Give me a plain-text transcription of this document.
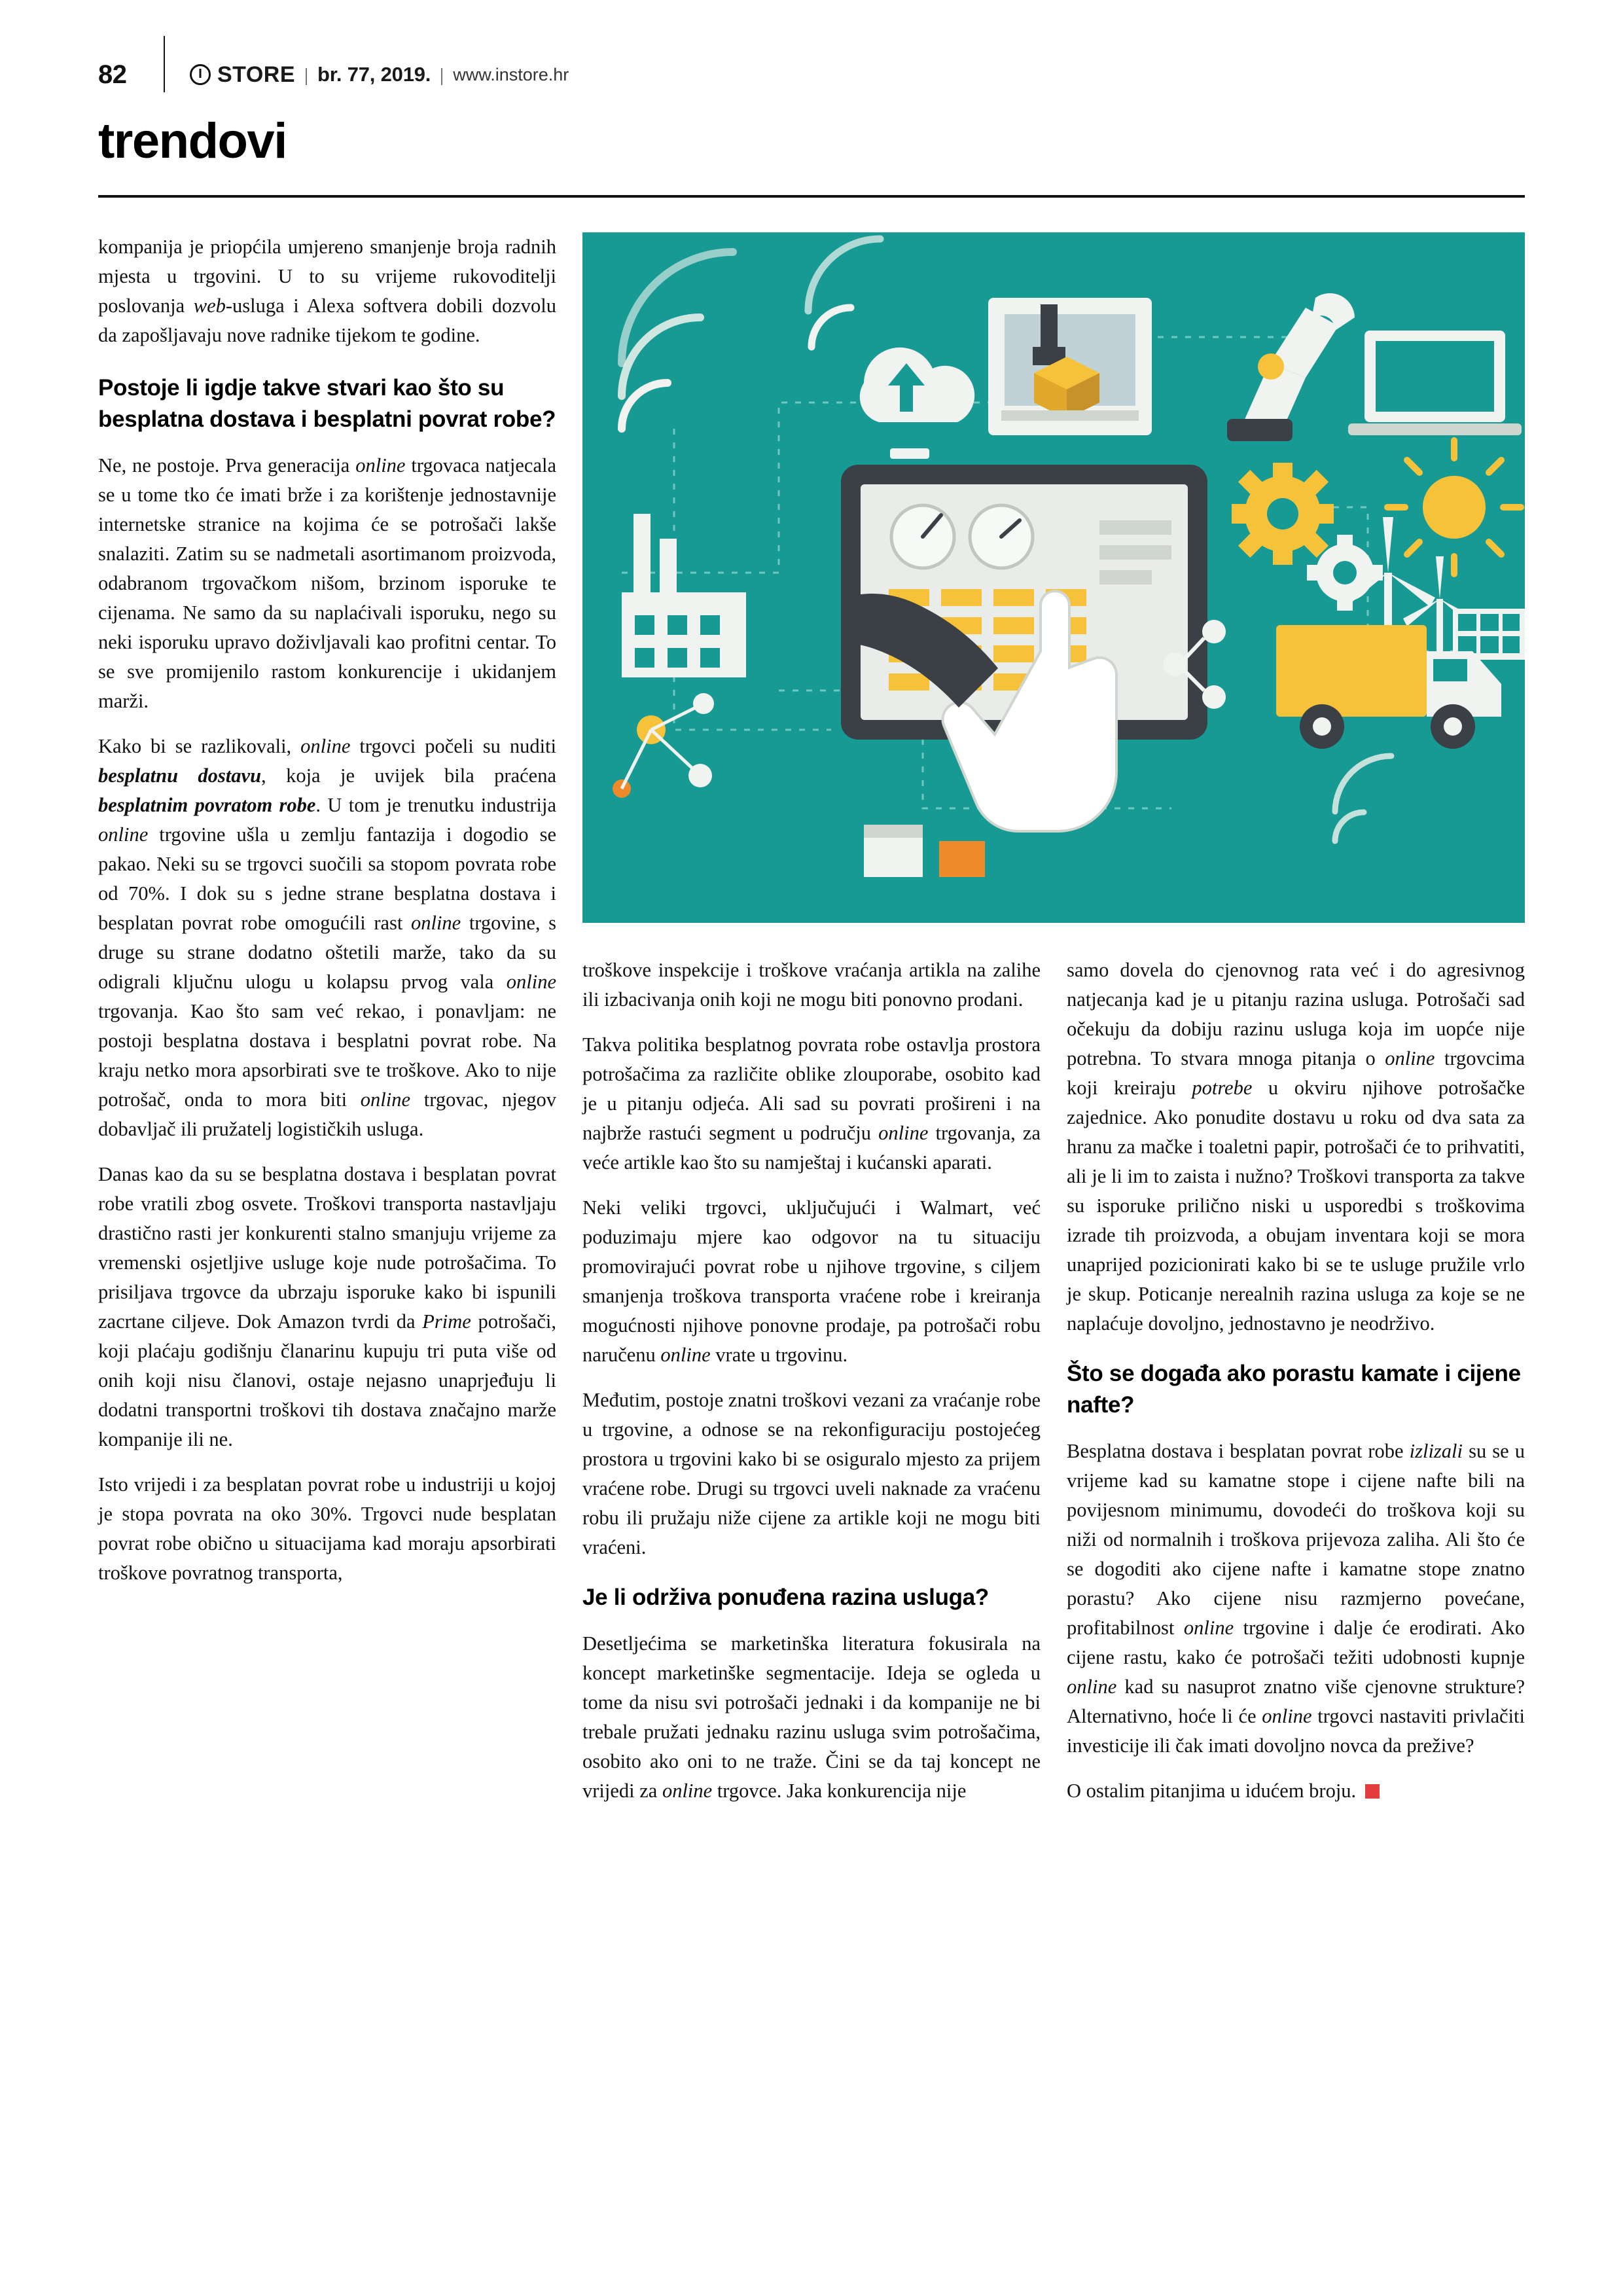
82	STORE br. 77, 2019. www.instore.hr
trendovi

kompanija je priopćila umjereno smanjenje broja radnih mjesta u trgovini. U to su vrijeme rukovoditelji poslovanja web-usluga i Alexa softvera dobili dozvolu da zapošljavaju nove radnike tijekom te godine.

Postoje li igdje takve stvari kao što su besplatna dostava i besplatni povrat robe?

Ne, ne postoje. Prva generacija online trgovaca natjecala se u tome tko će imati brže i za korištenje jednostavnije internetske stranice na kojima će se potrošači lakše snalaziti. Zatim su se nadmetali asortimanom proizvoda, odabranom trgovačkom nišom, brzinom isporuke te cijenama. Ne samo da su naplaćivali isporuku, nego su neki isporuku upravo doživljavali kao profitni centar. To se sve promijenilo rastom konkurencije i ukidanjem marži.

Kako bi se razlikovali, online trgovci počeli su nuditi besplatnu dostavu, koja je uvijek bila praćena besplatnim povratom robe. U tom je trenutku industrija online trgovine ušla u zemlju fantazija i dogodio se pakao. Neki su se trgovci suočili sa stopom povrata robe od 70%. I dok su s jedne strane besplatna dostava i besplatan povrat robe omogućili rast online trgovine, s druge su strane dodatno oštetili marže, tako da su odigrali ključnu ulogu u kolapsu prvog vala online trgovanja. Kao što sam već rekao, i ponavljam: ne postoji besplatna dostava i besplatni povrat robe. Na kraju netko mora apsorbirati sve te troškove. Ako to nije potrošač, onda to mora biti online trgovac, njegov dobavljač ili pružatelj logističkih usluga.

Danas kao da su se besplatna dostava i besplatan povrat robe vratili zbog osvete. Troškovi transporta nastavljaju drastično rasti jer konkurenti stalno smanjuju vrijeme za vremenski osjetljive usluge koje nude potrošačima. To prisiljava trgovce da ubrzaju isporuke kako bi ispunili zacrtane ciljeve. Dok Amazon tvrdi da Prime potrošači, koji plaćaju godišnju članarinu kupuju tri puta više od onih koji nisu članovi, ostaje nejasno unaprjeđuju li dodatni transportni troškovi tih dostava značajno marže kompanije ili ne.

Isto vrijedi i za besplatan povrat robe u industriji u kojoj je stopa povrata na oko 30%. Trgovci nude besplatan povrat robe obično u situacijama kad moraju apsorbirati troškove povratnog transporta,

troškove inspekcije i troškove vraćanja artikla na zalihe ili izbacivanja onih koji ne mogu biti ponovno prodani.

Takva politika besplatnog povrata robe ostavlja prostora potrošačima za različite oblike zlouporabe, osobito kad je u pitanju odjeća. Ali sad su povrati prošireni i na najbrže rastući segment u području online trgovanja, za veće artikle kao što su namještaj i kućanski aparati.

Neki veliki trgovci, uključujući i Walmart, već poduzimaju mjere kao odgovor na tu situaciju promovirajući povrat robe u njihove trgovine, s ciljem smanjenja troškova transporta vraćene robe i kreiranja mogućnosti njihove ponovne prodaje, pa potrošači robu naručenu online vrate u trgovinu.

Međutim, postoje znatni troškovi vezani za vraćanje robe u trgovine, a odnose se na rekonfiguraciju postojećeg prostora u trgovini kako bi se osiguralo mjesto za prijem vraćene robe. Drugi su trgovci uveli naknade za vraćenu robu ili pružaju niže cijene za artikle koji ne mogu biti vraćeni.

Je li održiva ponuđena razina usluga?

Desetljećima se marketinška literatura fokusirala na koncept marketinške segmentacije. Ideja se ogleda u tome da nisu svi potrošači jednaki i da kompanije ne bi trebale pružati jednaku razinu usluga svim potrošačima, osobito ako oni to ne traže. Čini se da taj koncept ne vrijedi za online trgovce. Jaka konkurencija nije

samo dovela do cjenovnog rata već i do agresivnog natjecanja kad je u pitanju razina usluga. Potrošači sad očekuju da dobiju razinu usluga koja im uopće nije potrebna. To stvara mnoga pitanja o online trgovcima koji kreiraju potrebe u okviru njihove potrošačke zajednice. Ako ponudite dostavu u roku od dva sata za hranu za mačke i toaletni papir, potrošači će to prihvatiti, ali je li im to zaista i nužno? Troškovi transporta za takve su isporuke prilično niski u usporedbi s troškovima izrade tih proizvoda, a obujam inventara koji se mora unaprijed pozicionirati kako bi se te usluge pružile vrlo je skup. Poticanje nerealnih razina usluga za koje se ne naplaćuje dovoljno, jednostavno je neodrživo.

Što se događa ako porastu kamate i cijene nafte?

Besplatna dostava i besplatan povrat robe izlizali su se u vrijeme kad su kamatne stope i cijene nafte bili na povijesnom minimumu, dovodeći do troškova koji su niži od normalnih i troškova prijevoza zaliha. Ali što će se dogoditi ako cijene nafte i kamatne stope znatno porastu? Ako cijene nisu razmjerno povećane, profitabilnost online trgovine i dalje će erodirati. Ako cijene rastu, kako će potrošači težiti udobnosti kupnje online kad su nasuprot znatno više cjenovne strukture? Alternativno, hoće li će online trgovci nastaviti privlačiti investicije ili čak imati dovoljno novca da prežive?

O ostalim pitanjima u idućem broju.
